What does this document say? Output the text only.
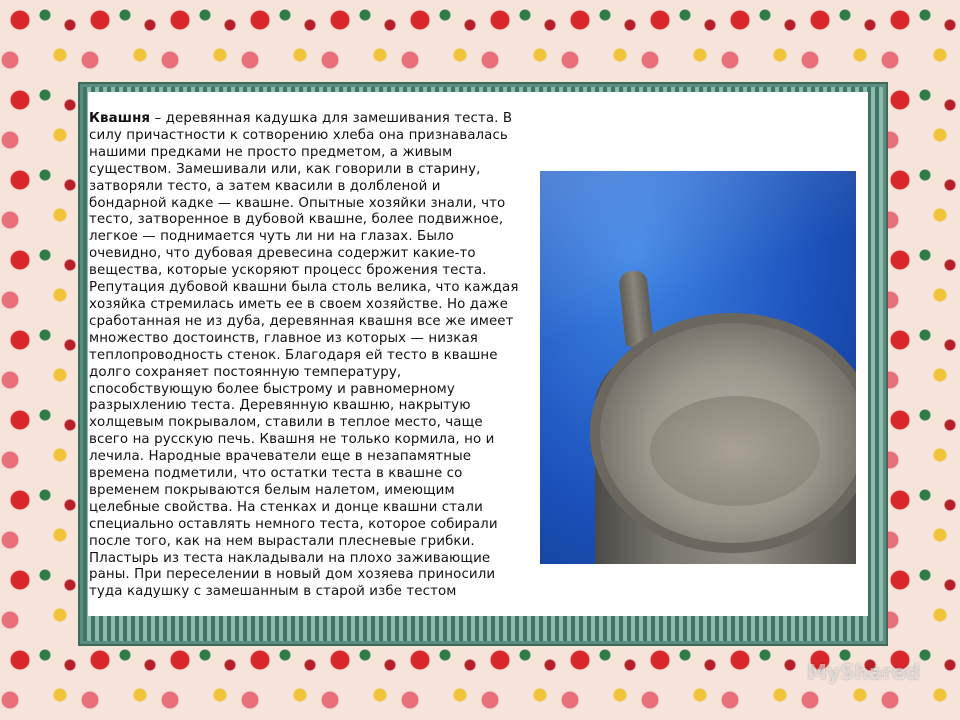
Квашня – деревянная кадушка для замешивания теста. В силу причастности к сотворению хлеба она признавалась нашими предками не просто предметом, а живым существом. Замешивали или, как говорили в старину, затворяли тесто, а затем квасили в долбленой и бондарной кадке — квашне. Опытные хозяйки знали, что тесто, затворенное в дубовой квашне, более подвижное, легкое — поднимается чуть ли ни на глазах. Было очевидно, что дубовая древесина содержит какие-то вещества, которые ускоряют процесс брожения теста. Репутация дубовой квашни была столь велика, что каждая хозяйка стремилась иметь ее в своем хозяйстве. Но даже сработанная не из дуба, деревянная квашня все же имеет множество достоинств, главное из которых — низкая теплопроводность стенок. Благодаря ей тесто в квашне долго сохраняет постоянную температуру, способствующую более быстрому и равномерному разрыхлению теста. Деревянную квашню, накрытую холщевым покрывалом, ставили в теплое место, чаще всего на русскую печь. Квашня не только кормила, но и лечила. Народные врачеватели еще в незапамятные времена подметили, что остатки теста в квашне со временем покрываются белым налетом, имеющим целебные свойства. На стенках и донце квашни стали специально оставлять немного теста, которое собирали после того, как на нем вырастали плесневые грибки. Пластырь из теста накладывали на плохо заживающие раны. При переселении в новый дом хозяева приносили туда кадушку с замешанным в старой избе тестом
MyShared
